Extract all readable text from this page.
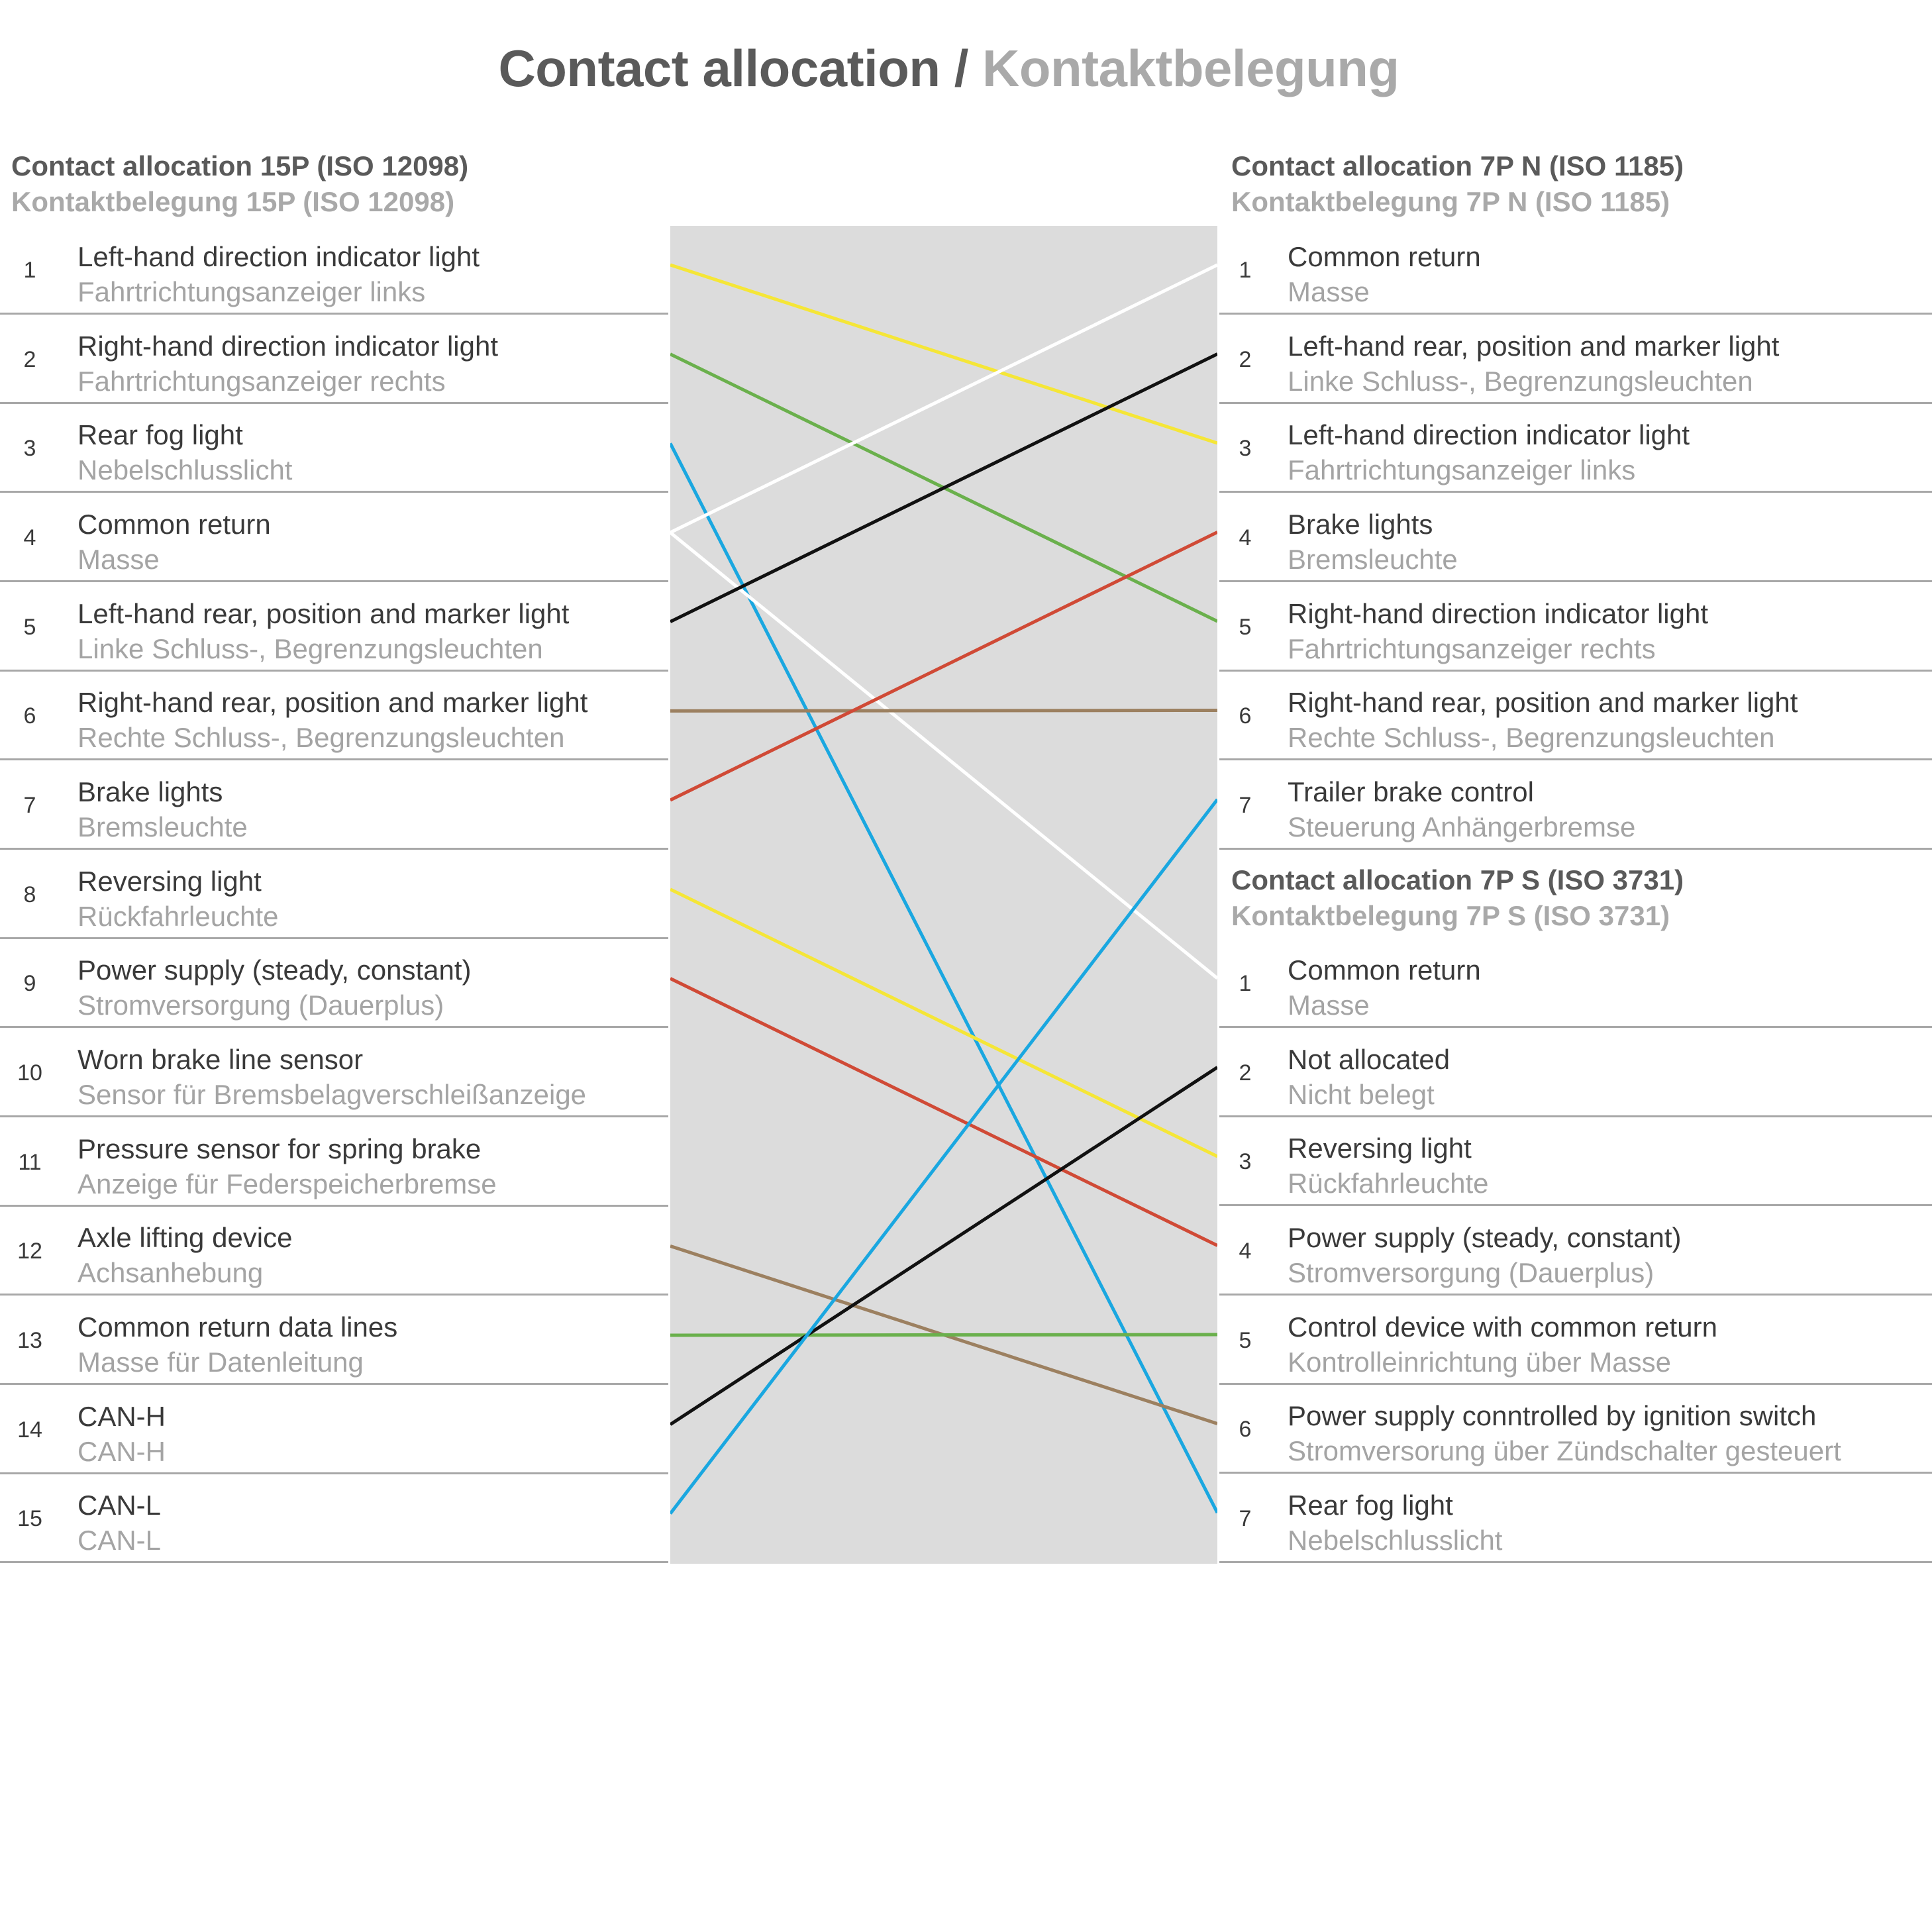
Contact allocation / Kontaktbelegung
Contact allocation 15P (ISO 12098)
Kontaktbelegung 15P (ISO 12098)
Contact allocation 7P N (ISO 1185)
Kontaktbelegung 7P N (ISO 1185)
Contact allocation 7P S (ISO 3731)
Kontaktbelegung 7P S (ISO 3731)
1	Left-hand direction indicator light
Fahrtrichtungsanzeiger links
2	Right-hand direction indicator light
Fahrtrichtungsanzeiger rechts
3	Rear fog light
Nebelschlusslicht
4	Common return
Masse
5	Left-hand rear, position and marker light
Linke Schluss-, Begrenzungsleuchten
6	Right-hand rear, position and marker light
Rechte Schluss-, Begrenzungsleuchten
7	Brake lights
Bremsleuchte
8	Reversing light
Rückfahrleuchte
9	Power supply (steady, constant)
Stromversorgung (Dauerplus)
10	Worn brake line sensor
Sensor für Bremsbelagverschleißanzeige
11	Pressure sensor for spring brake
Anzeige für Federspeicherbremse
12	Axle lifting device
Achsanhebung
13	Common return data lines
Masse für Datenleitung
14	CAN-H
CAN-H
15	CAN-L
CAN-L
1	Common return
Masse
2	Left-hand rear, position and marker light
Linke Schluss-, Begrenzungsleuchten
3	Left-hand direction indicator light
Fahrtrichtungsanzeiger links
4	Brake lights
Bremsleuchte
5	Right-hand direction indicator light
Fahrtrichtungsanzeiger rechts
6	Right-hand rear, position and marker light
Rechte Schluss-, Begrenzungsleuchten
7	Trailer brake control
Steuerung Anhängerbremse
1	Common return
Masse
2	Not allocated
Nicht belegt
3	Reversing light
Rückfahrleuchte
4	Power supply (steady, constant)
Stromversorgung (Dauerplus)
5	Control device with common return
Kontrolleinrichtung über Masse
6	Power supply conntrolled by ignition switch
Stromversorung über Zündschalter gesteuert
7	Rear fog light
Nebelschlusslicht
